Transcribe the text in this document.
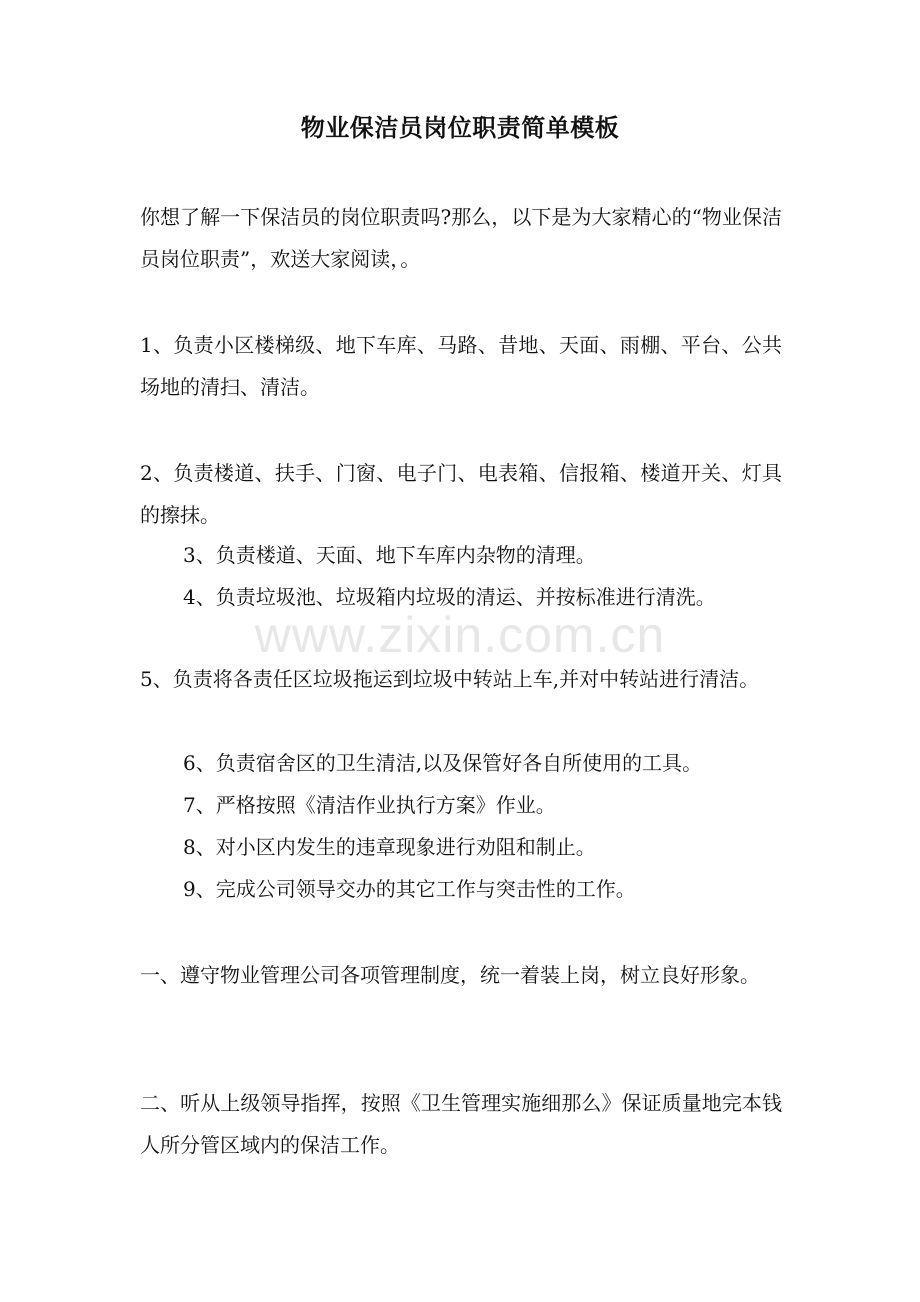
物业保洁员岗位职责简单模板

你想了解一下保洁员的岗位职责吗?那么，以下是为大家精心的“物业保洁员岗位职责”，欢送大家阅读，。

1、负责小区楼梯级、地下车库、马路、昔地、天面、雨棚、平台、公共场地的清扫、清洁。

2、负责楼道、扶手、门窗、电子门、电表箱、信报箱、楼道开关、灯具的擦抹。

3、负责楼道、天面、地下车库内杂物的清理。

4、负责垃圾池、垃圾箱内垃圾的清运、并按标准进行清洗。

www.zixin.com.cn

5、负责将各责任区垃圾拖运到垃圾中转站上车,并对中转站进行清洁。

6、负责宿舍区的卫生清洁,以及保管好各自所使用的工具。

7、严格按照《清洁作业执行方案》作业。

8、对小区内发生的违章现象进行劝阻和制止。

9、完成公司领导交办的其它工作与突击性的工作。

一、遵守物业管理公司各项管理制度，统一着装上岗，树立良好形象。

二、听从上级领导指挥，按照《卫生管理实施细那么》保证质量地完本钱人所分管区域内的保洁工作。
